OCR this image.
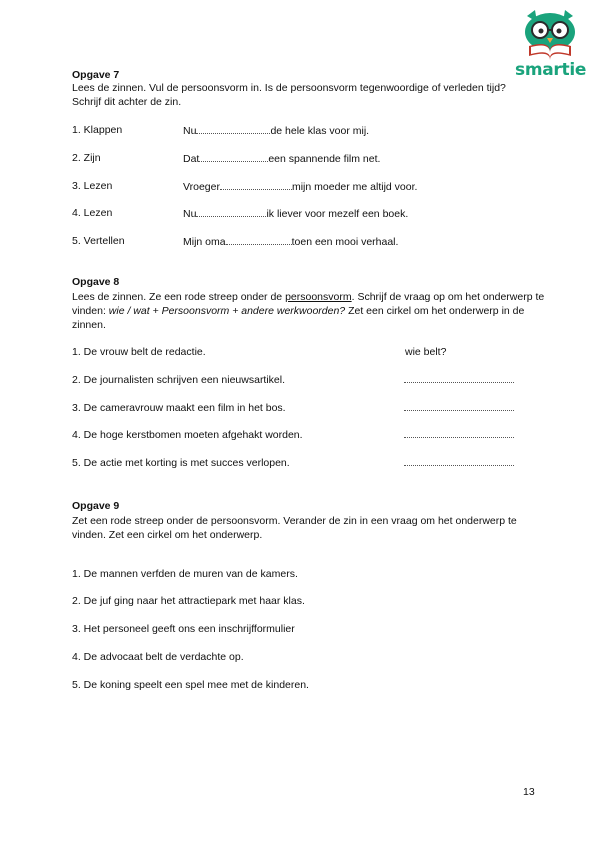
smartie
Opgave 7
Lees de zinnen. Vul de persoonsvorm in. Is de persoonsvorm tegenwoordige of verleden tijd?
Schrijf dit achter de zin.
1. Klappen	Nu	de hele klas voor mij.
2. Zijn	Dat	een spannende film net.
3. Lezen	Vroeger	mijn moeder me altijd voor.
4. Lezen	Nu	ik liever voor mezelf een boek.
5. Vertellen	Mijn oma	toen een mooi verhaal.
Opgave 8
Lees de zinnen. Ze een rode streep onder de persoonsvorm. Schrijf de vraag op om het onderwerp te
vinden: wie / wat + Persoonsvorm + andere werkwoorden? Zet een cirkel om het onderwerp in de
zinnen.
1. De vrouw belt de redactie.	wie belt?
2. De journalisten schrijven een nieuwsartikel.
3. De cameravrouw maakt een film in het bos.
4. De hoge kerstbomen moeten afgehakt worden.
5. De actie met korting is met succes verlopen.
Opgave 9
Zet een rode streep onder de persoonsvorm. Verander de zin in een vraag om het onderwerp te
vinden. Zet een cirkel om het onderwerp.
1. De mannen verfden de muren van de kamers.
2. De juf ging naar het attractiepark met haar klas.
3. Het personeel geeft ons een inschrijfformulier
4. De advocaat belt de verdachte op.
5. De koning speelt een spel mee met de kinderen.
13
